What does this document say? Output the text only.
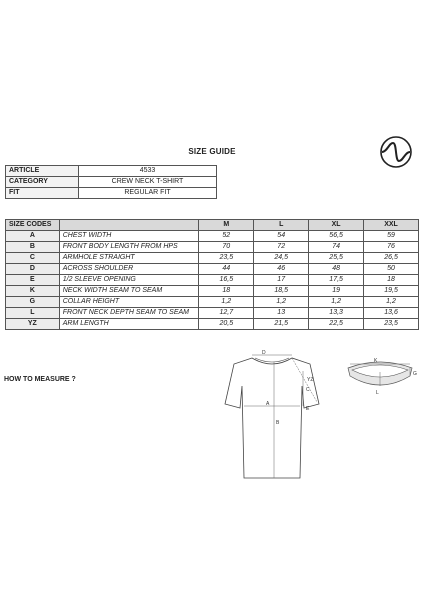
SIZE GUIDE
ARTICLE	4533
CATEGORY	CREW NECK T-SHIRT
FIT	REGULAR FIT
SIZE CODES		M	L	XL	XXL
A	CHEST WIDTH	52	54	56,5	59
B	FRONT BODY LENGTH FROM HPS	70	72	74	76
C	ARMHOLE STRAIGHT	23,5	24,5	25,5	26,5
D	ACROSS SHOULDER	44	46	48	50
E	1/2 SLEEVE OPENING	16,5	17	17,5	18
K	NECK WIDTH SEAM TO SEAM	18	18,5	19	19,5
G	COLLAR HEIGHT	1,2	1,2	1,2	1,2
L	FRONT NECK DEPTH SEAM TO SEAM	12,7	13	13,3	13,6
YZ	ARM LENGTH	20,5	21,5	22,5	23,5
HOW TO MEASURE ?
D
C
YZ
A
B
E
K
G
L
